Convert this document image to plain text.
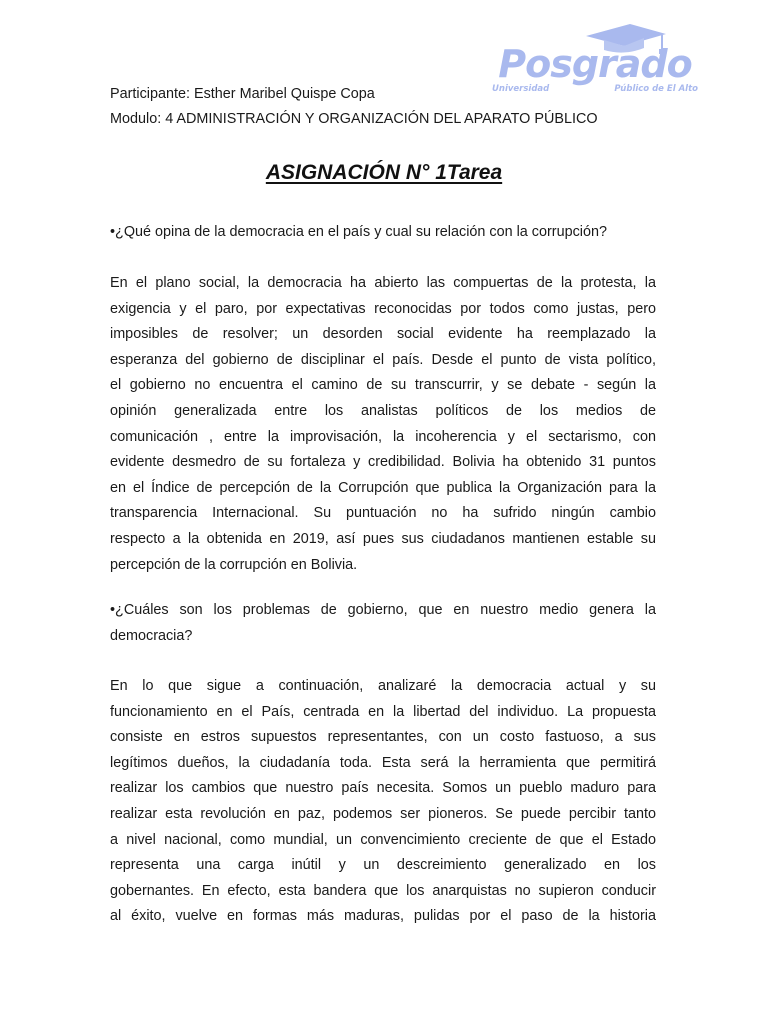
Posgrado
Universidad	Público de El Alto
Participante: Esther Maribel Quispe Copa
Modulo: 4 ADMINISTRACIÓN Y ORGANIZACIÓN DEL APARATO PÚBLICO
ASIGNACIÓN N° 1Tarea
•¿Qué opina de la democracia en el país y cual su relación con la corrupción?
En el plano social, la democracia ha abierto las compuertas de la protesta, la
exigencia y el paro, por expectativas reconocidas por todos como justas, pero
imposibles de resolver; un desorden social evidente ha reemplazado la
esperanza del gobierno de disciplinar el país. Desde el punto de vista político,
el gobierno no encuentra el camino de su transcurrir, y se debate - según la
opinión generalizada entre los analistas políticos de los medios de
comunicación , entre la improvisación, la incoherencia y el sectarismo, con
evidente desmedro de su fortaleza y credibilidad. Bolivia ha obtenido 31 puntos
en el Índice de percepción de la Corrupción que publica la Organización para la
transparencia Internacional. Su puntuación no ha sufrido ningún cambio
respecto a la obtenida en 2019, así pues sus ciudadanos mantienen estable su
percepción de la corrupción en Bolivia.
•¿Cuáles son los problemas de gobierno, que en nuestro medio genera la
democracia?
En lo que sigue a continuación, analizaré la democracia actual y su
funcionamiento en el País, centrada en la libertad del individuo. La propuesta
consiste en estros supuestos representantes, con un costo fastuoso, a sus
legítimos dueños, la ciudadanía toda. Esta será la herramienta que permitirá
realizar los cambios que nuestro país necesita. Somos un pueblo maduro para
realizar esta revolución en paz, podemos ser pioneros. Se puede percibir tanto
a nivel nacional, como mundial, un convencimiento creciente de que el Estado
representa una carga inútil y un descreimiento generalizado en los
gobernantes. En efecto, esta bandera que los anarquistas no supieron conducir
al éxito, vuelve en formas más maduras, pulidas por el paso de la historia
